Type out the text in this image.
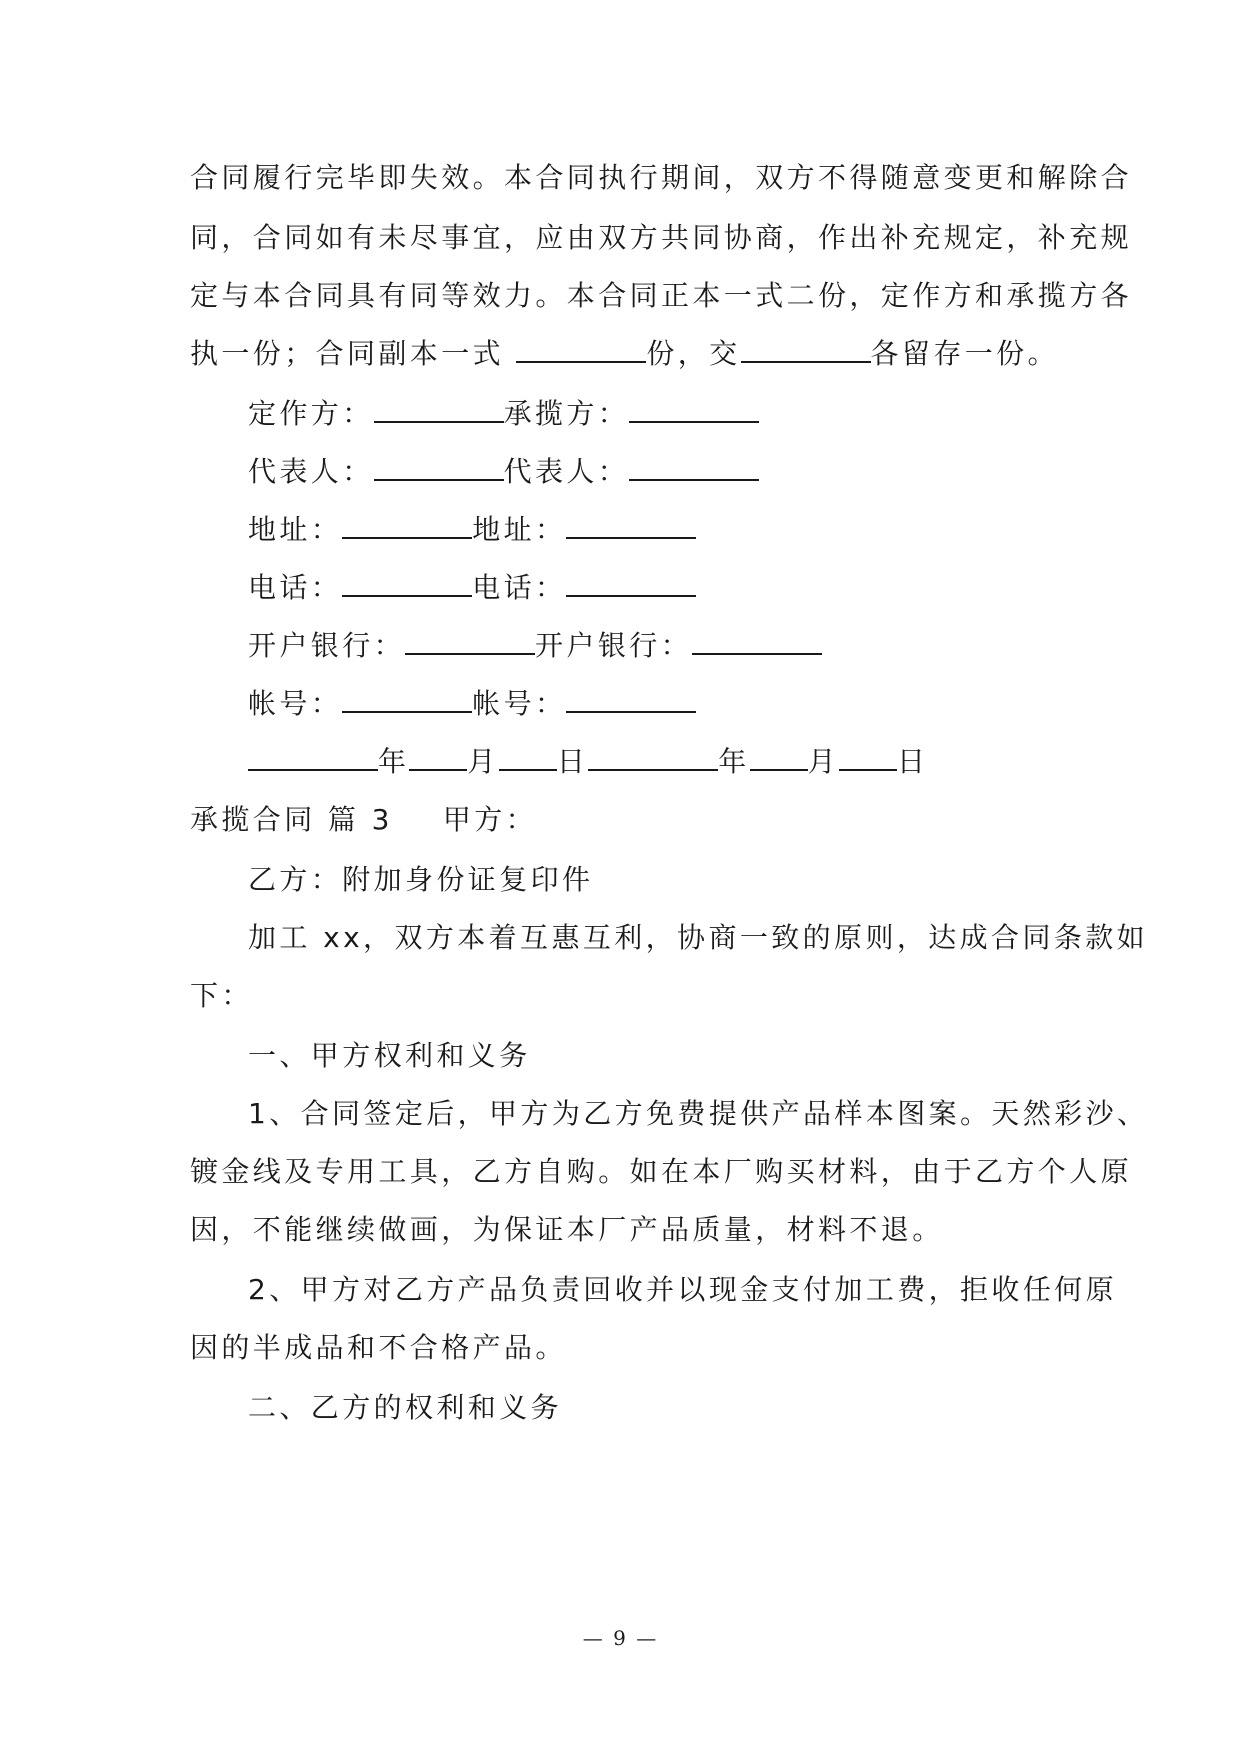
合同履行完毕即失效。本合同执行期间，双方不得随意变更和解除合
同，合同如有未尽事宜，应由双方共同协商，作出补充规定，补充规
定与本合同具有同等效力。本合同正本一式二份，定作方和承揽方各
执一份；合同副本一式	份，交	各留存一份。
定作方：	承揽方：
代表人：	代表人：
地址：	地址：
电话：	电话：
开户银行：	开户银行：
帐号：	帐号：
年 月 日	年 月 日
承揽合同 篇 3 甲方：
乙方：附加身份证复印件
加工 xx，双方本着互惠互利，协商一致的原则，达成合同条款如
下：
一、甲方权利和义务
1、合同签定后，甲方为乙方免费提供产品样本图案。天然彩沙、
镀金线及专用工具，乙方自购。如在本厂购买材料，由于乙方个人原
因，不能继续做画，为保证本厂产品质量，材料不退。
2、甲方对乙方产品负责回收并以现金支付加工费，拒收任何原
因的半成品和不合格产品。
二、乙方的权利和义务
— 9 —
